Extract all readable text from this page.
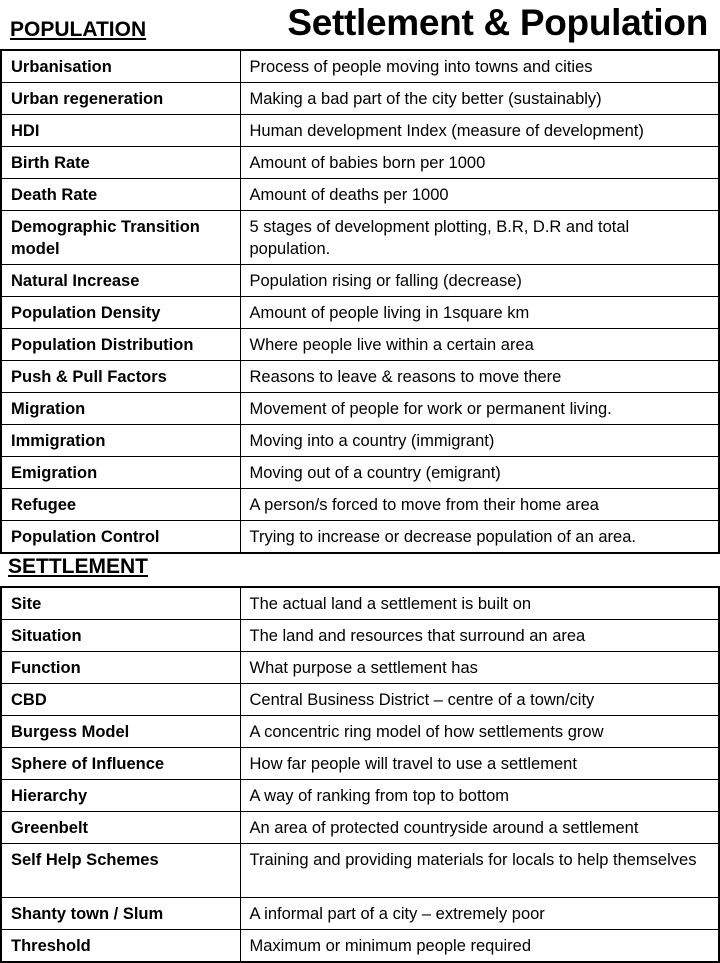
POPULATION	Settlement & Population
Urbanisation	Process of people moving into towns and cities
Urban regeneration	Making a bad part of the city better (sustainably)
HDI	Human development Index (measure of development)
Birth Rate	Amount of babies born per 1000
Death Rate	Amount of deaths per 1000
Demographic Transition model	5 stages of development plotting, B.R, D.R and total population.
Natural Increase	Population rising or falling (decrease)
Population Density	Amount of people living in 1square km
Population Distribution	Where people live within a certain area
Push & Pull Factors	Reasons to leave & reasons to move there
Migration	Movement of people for work or permanent living.
Immigration	Moving into a country (immigrant)
Emigration	Moving out of a country (emigrant)
Refugee	A person/s forced to move from their home area
Population Control	Trying to increase or decrease population of an area.
SETTLEMENT
Site	The actual land a settlement is built on
Situation	The land and resources that surround an area
Function	What purpose a settlement has
CBD	Central Business District – centre of a town/city
Burgess Model	A concentric ring model of how settlements grow
Sphere of Influence	How far people will travel to use a settlement
Hierarchy	A way of ranking from top to bottom
Greenbelt	An area of protected countryside around a settlement
Self Help Schemes	Training and providing materials for locals to help themselves
Shanty town / Slum	A informal part of a city – extremely poor
Threshold	Maximum or minimum people required
